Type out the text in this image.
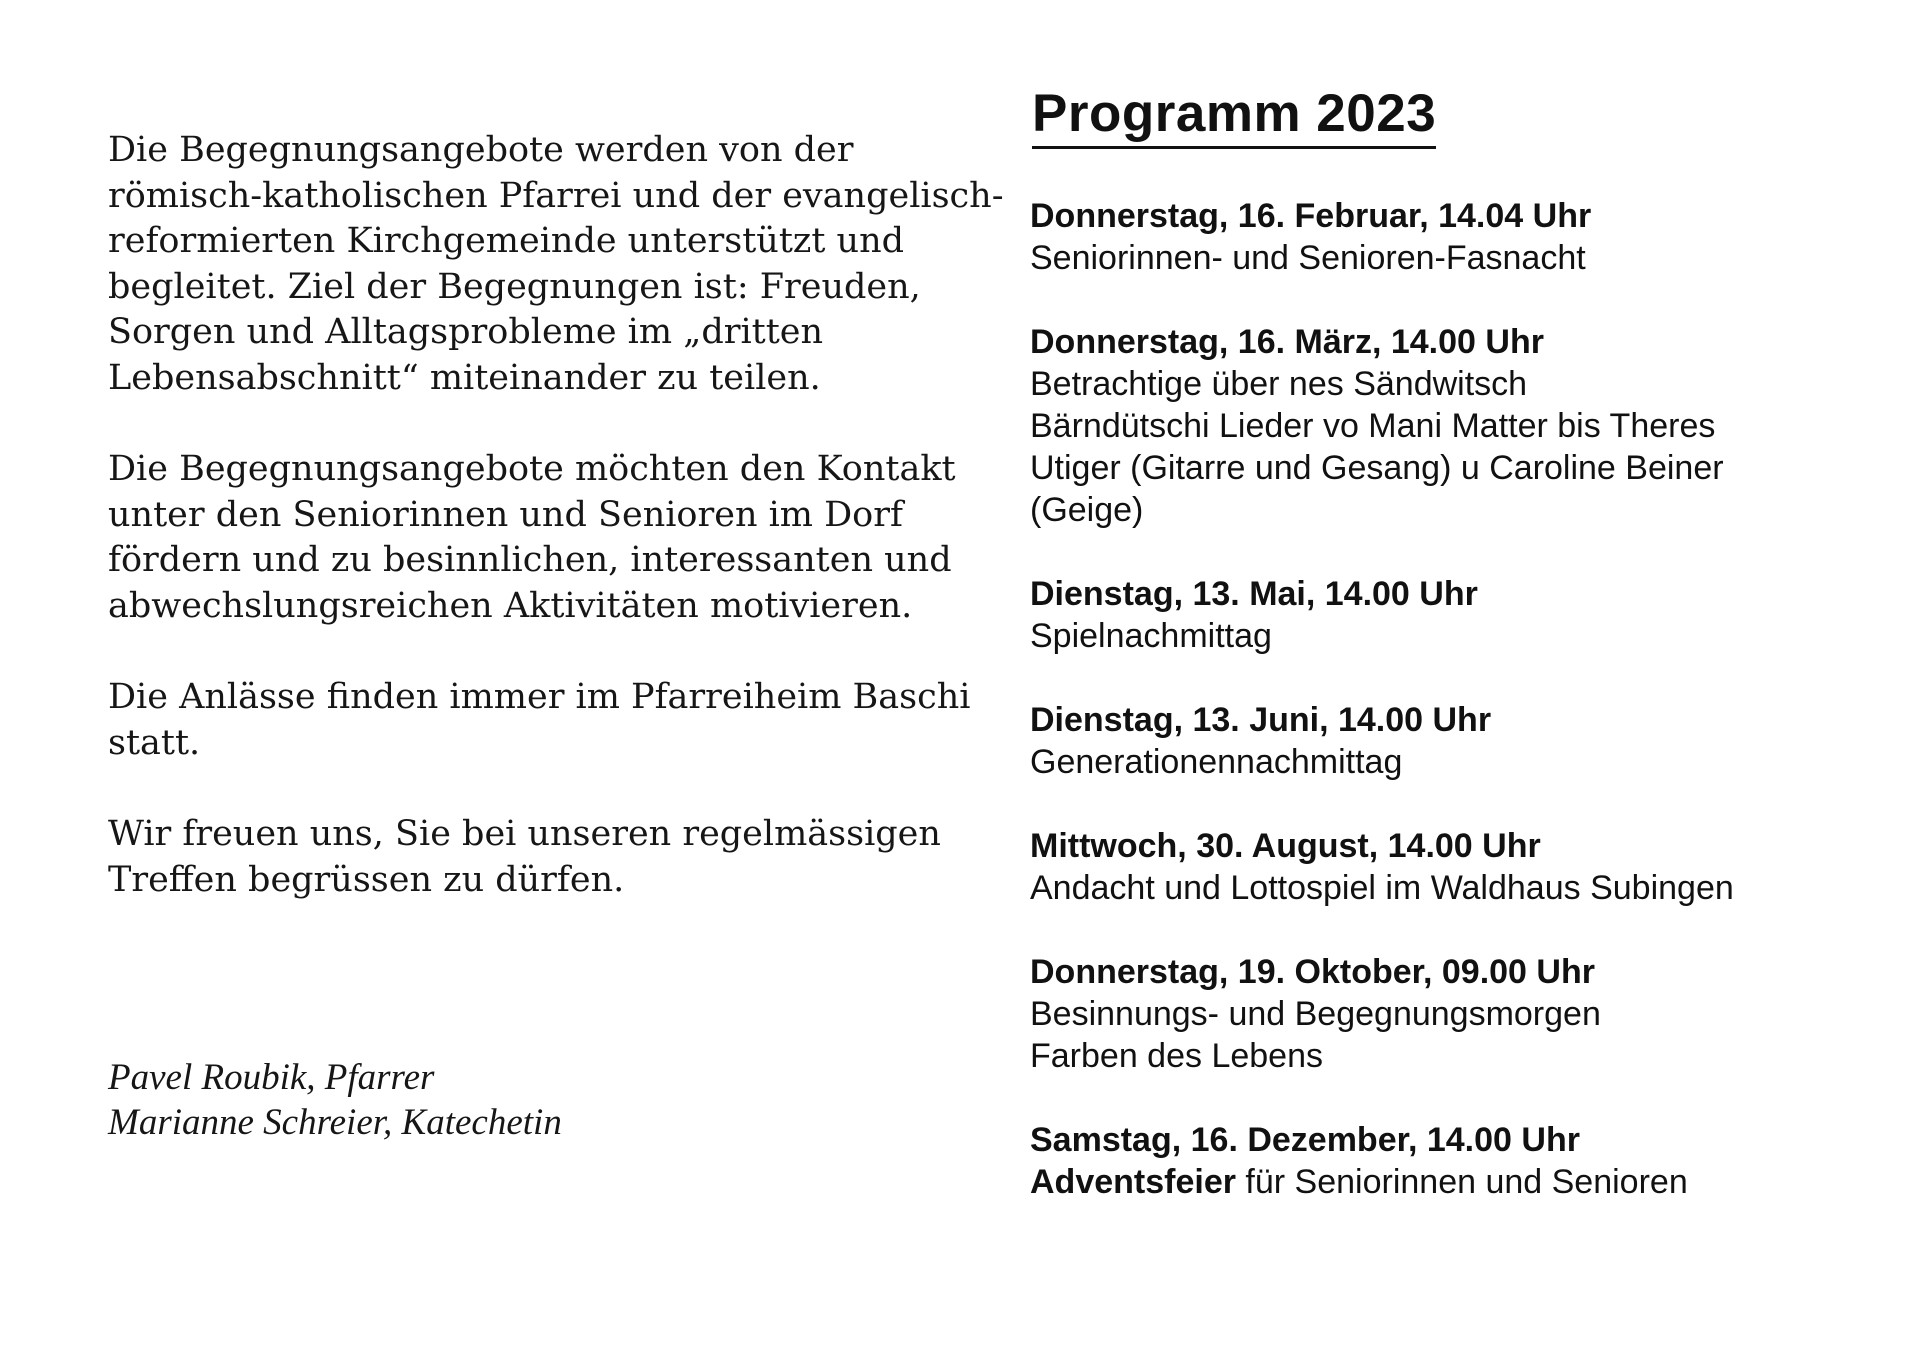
Die Begegnungsangebote werden von der
römisch-katholischen Pfarrei und der evangelisch-
reformierten Kirchgemeinde unterstützt und
begleitet. Ziel der Begegnungen ist: Freuden,
Sorgen und Alltagsprobleme im „dritten
Lebensabschnitt“ miteinander zu teilen.

Die Begegnungsangebote möchten den Kontakt
unter den Seniorinnen und Senioren im Dorf
fördern und zu besinnlichen, interessanten und
abwechslungsreichen Aktivitäten motivieren.

Die Anlässe finden immer im Pfarreiheim Baschi
statt.

Wir freuen uns, Sie bei unseren regelmässigen
Treffen begrüssen zu dürfen.

Pavel Roubik, Pfarrer
Marianne Schreier, Katechetin
Programm 2023
Donnerstag, 16. Februar, 14.04 Uhr
Seniorinnen- und Senioren-Fasnacht
Donnerstag, 16. März, 14.00 Uhr
Betrachtige über nes Sändwitsch
Bärndütschi Lieder vo Mani Matter bis Theres
Utiger (Gitarre und Gesang) u Caroline Beiner
(Geige)
Dienstag, 13. Mai, 14.00 Uhr
Spielnachmittag
Dienstag, 13. Juni, 14.00 Uhr
Generationennachmittag
Mittwoch, 30. August, 14.00 Uhr
Andacht und Lottospiel im Waldhaus Subingen
Donnerstag, 19. Oktober, 09.00 Uhr
Besinnungs- und Begegnungsmorgen
Farben des Lebens
Samstag, 16. Dezember, 14.00 Uhr
Adventsfeier für Seniorinnen und Senioren
